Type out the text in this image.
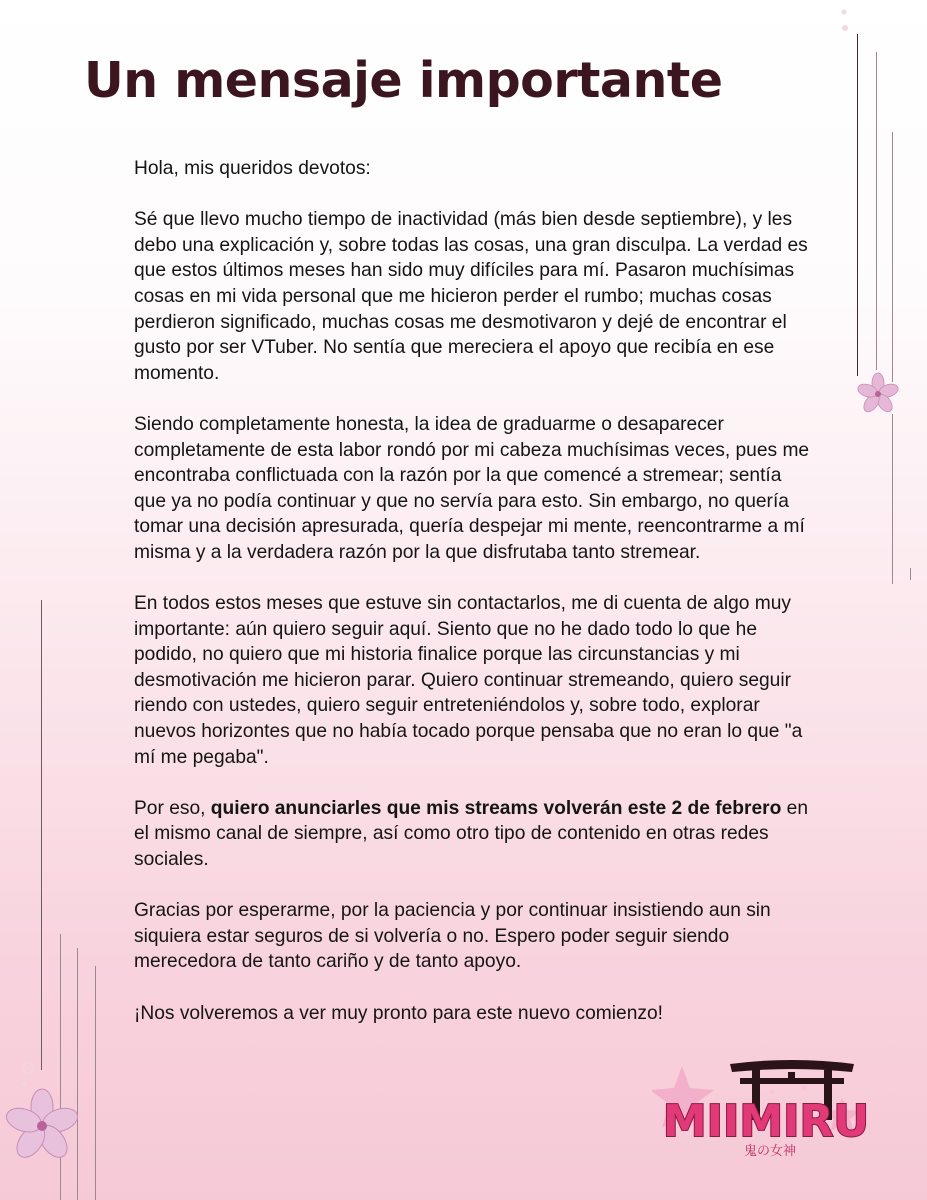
Un mensaje importante

Hola, mis queridos devotos:

Sé que llevo mucho tiempo de inactividad (más bien desde septiembre), y les debo una explicación y, sobre todas las cosas, una gran disculpa. La verdad es que estos últimos meses han sido muy difíciles para mí. Pasaron muchísimas cosas en mi vida personal que me hicieron perder el rumbo; muchas cosas perdieron significado, muchas cosas me desmotivaron y dejé de encontrar el gusto por ser VTuber. No sentía que mereciera el apoyo que recibía en ese momento.

Siendo completamente honesta, la idea de graduarme o desaparecer completamente de esta labor rondó por mi cabeza muchísimas veces, pues me encontraba conflictuada con la razón por la que comencé a stremear; sentía que ya no podía continuar y que no servía para esto. Sin embargo, no quería tomar una decisión apresurada, quería despejar mi mente, reencontrarme a mí misma y a la verdadera razón por la que disfrutaba tanto stremear.

En todos estos meses que estuve sin contactarlos, me di cuenta de algo muy importante: aún quiero seguir aquí. Siento que no he dado todo lo que he podido, no quiero que mi historia finalice porque las circunstancias y mi desmotivación me hicieron parar. Quiero continuar stremeando, quiero seguir riendo con ustedes, quiero seguir entreteniéndolos y, sobre todo, explorar nuevos horizontes que no había tocado porque pensaba que no eran lo que "a mí me pegaba".

Por eso, quiero anunciarles que mis streams volverán este 2 de febrero en el mismo canal de siempre, así como otro tipo de contenido en otras redes sociales.

Gracias por esperarme, por la paciencia y por continuar insistiendo aun sin siquiera estar seguros de si volvería o no. Espero poder seguir siendo merecedora de tanto cariño y de tanto apoyo.

¡Nos volveremos a ver muy pronto para este nuevo comienzo!

MIIMIRU
鬼の女神
